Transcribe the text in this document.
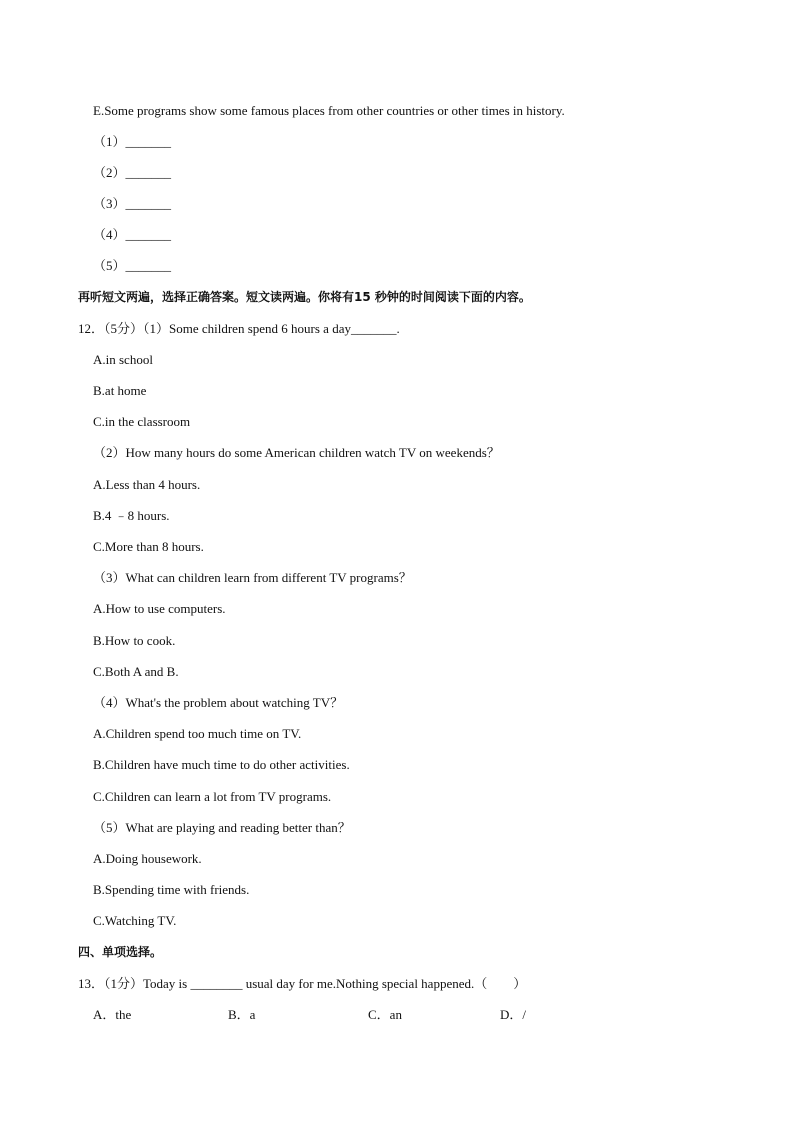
E.Some programs show some famous places from other countries or other times in history.
（1）_______
（2）_______
（3）_______
（4）_______
（5）_______
再听短文两遍，选择正确答案。短文读两遍。你将有15 秒钟的时间阅读下面的内容。
12．（5分）（1）Some children spend 6 hours a day_______.
A.in school
B.at home
C.in the classroom
（2）How many hours do some American children watch TV on weekends？
A.Less than 4 hours.
B.4 ﹣8 hours.
C.More than 8 hours.
（3）What can children learn from different TV programs？
A.How to use computers.
B.How to cook.
C.Both A and B.
（4）What's the problem about watching TV？
A.Children spend too much time on TV.
B.Children have much time to do other activities.
C.Children can learn a lot from TV programs.
（5）What are playing and reading better than？
A.Doing housework.
B.Spending time with friends.
C.Watching TV.
四、单项选择。
13．（1分）Today is ________ usual day for me.Nothing special happened.（　　）
A．the	B．a	C．an	D．/
